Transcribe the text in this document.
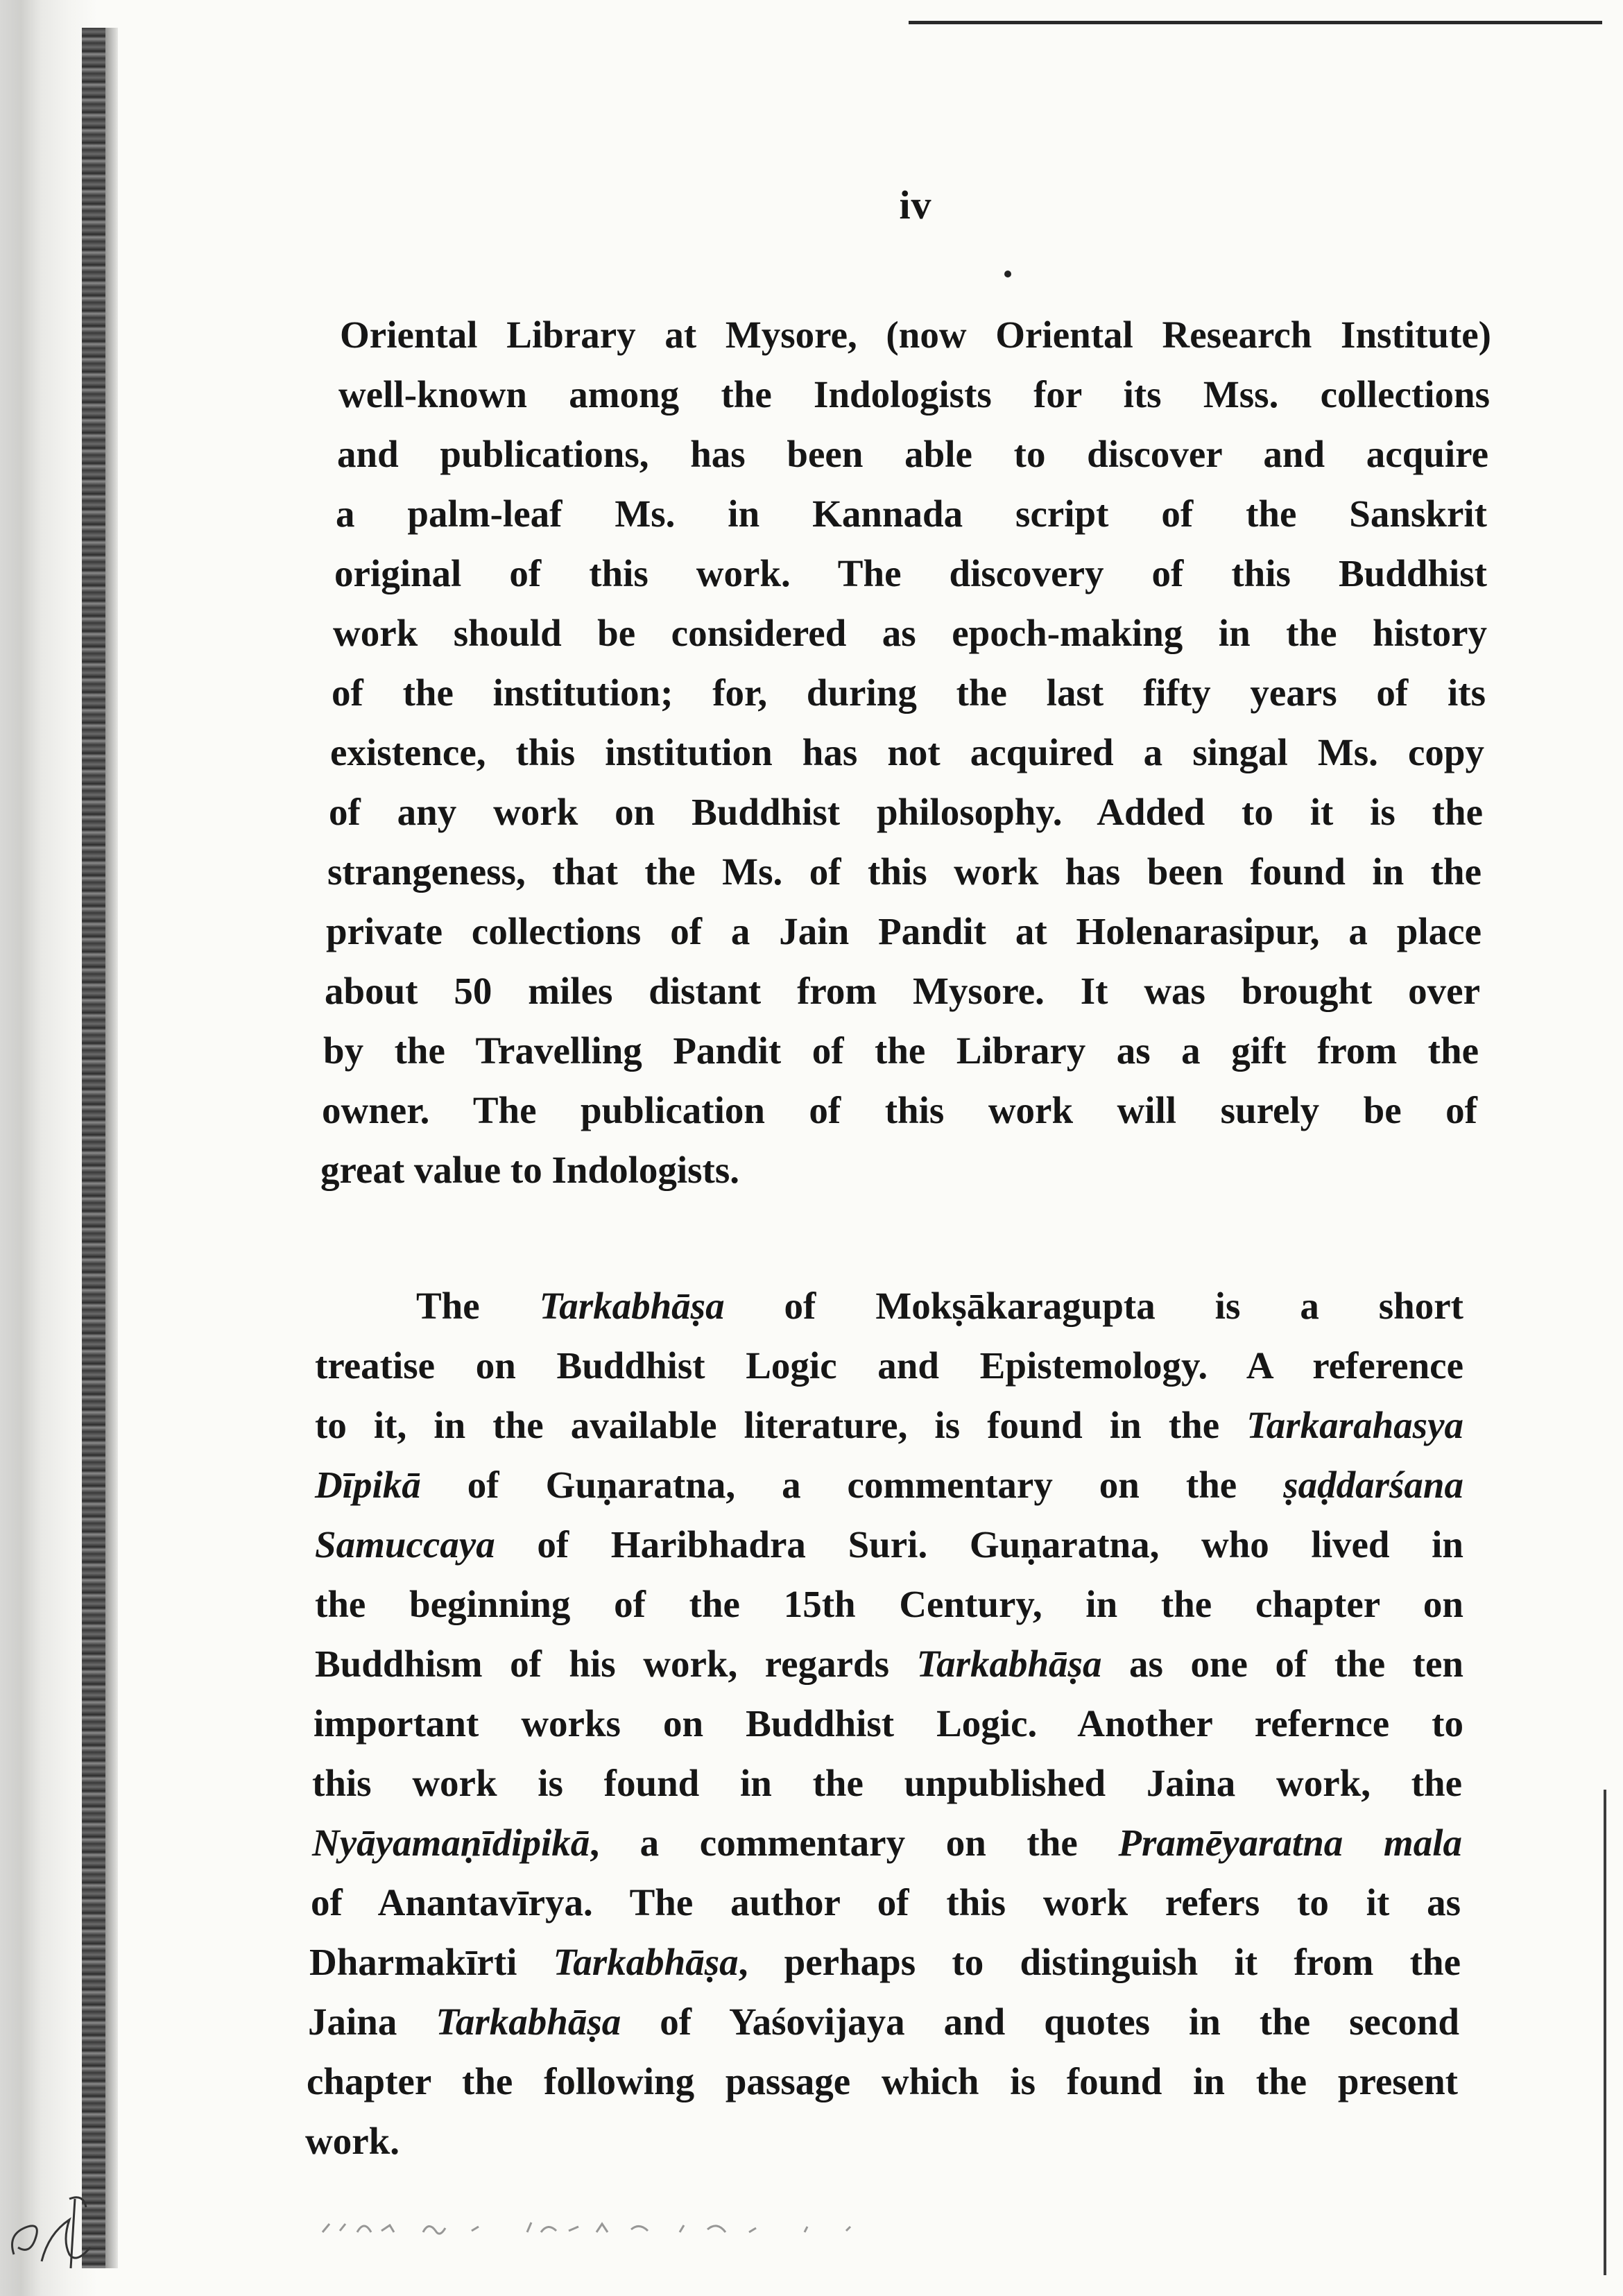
iv
Oriental Library at Mysore, (now Oriental Research Institute)
well-known among the Indologists for its Mss. collections
and publications, has been able to discover and acquire
a palm-leaf Ms. in Kannada script of the Sanskrit
original of this work. The discovery of this Buddhist
work should be considered as epoch-making in the history
of the institution; for, during the last fifty years of its
existence, this institution has not acquired a singal Ms. copy
of any work on Buddhist philosophy. Added to it is the
strangeness, that the Ms. of this work has been found in the
private collections of a Jain Pandit at Holenarasipur, a place
about 50 miles distant from Mysore. It was brought over
by the Travelling Pandit of the Library as a gift from the
owner. The publication of this work will surely be of
great value to Indologists.
The Tarkabhāṣa of Mokṣākaragupta is a short
treatise on Buddhist Logic and Epistemology. A reference
to it, in the available literature, is found in the Tarkarahasya
Dīpikā of Guṇaratna, a commentary on the ṣaḍdarśana
Samuccaya of Haribhadra Suri. Guṇaratna, who lived in
the beginning of the 15th Century, in the chapter on
Buddhism of his work, regards Tarkabhāṣa as one of the ten
important works on Buddhist Logic. Another refernce to
this work is found in the unpublished Jaina work, the
Nyāyamaṇīdipikā, a commentary on the Pramēyaratna mala
of Anantavīrya. The author of this work refers to it as
Dharmakīrti Tarkabhāṣa, perhaps to distinguish it from the
Jaina Tarkabhāṣa of Yaśovijaya and quotes in the second
chapter the following passage which is found in the present
work.
